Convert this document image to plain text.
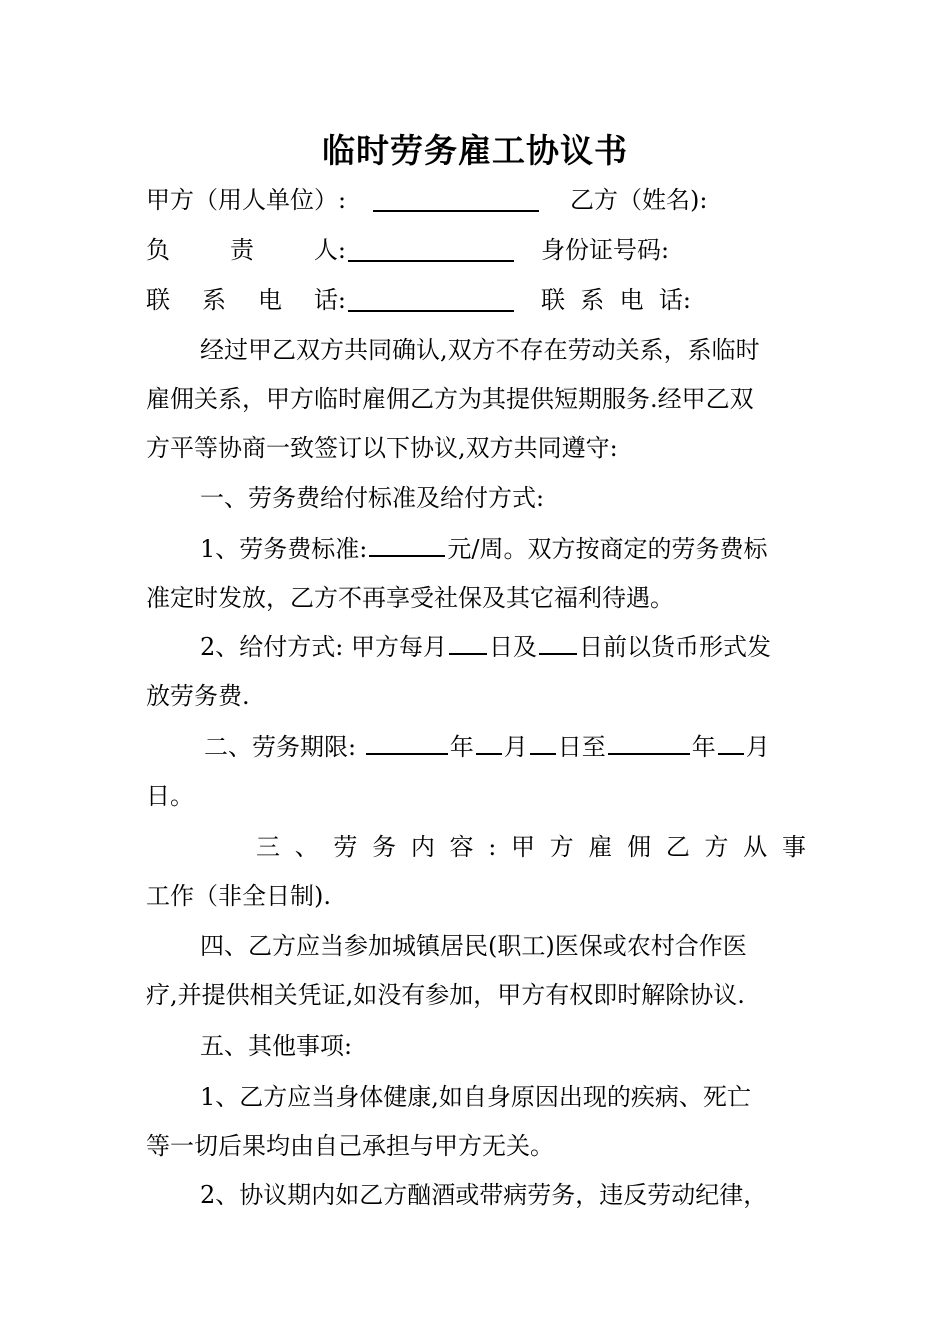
临时劳务雇工协议书
甲方（用人单位）:	乙方（姓名):
负 责 人:	身份证号码:
联 系 电 话:	联 系 电 话:
经过甲乙双方共同确认,双方不存在劳动关系，系临时
雇佣关系，甲方临时雇佣乙方为其提供短期服务.经甲乙双
方平等协商一致签订以下协议,双方共同遵守:
一、劳务费给付标准及给付方式:
1、劳务费标准:	元/周。双方按商定的劳务费标
准定时发放，乙方不再享受社保及其它福利待遇。
2、给付方式: 甲方每月 日及 日前以货币形式发
放劳务费.
二、劳务期限:	年 月 日至	年 月
日。
三 、 劳 务 内 容 : 甲 方 雇 佣 乙 方 从 事
工作（非全日制).
四、乙方应当参加城镇居民(职工)医保或农村合作医
疗,并提供相关凭证,如没有参加，甲方有权即时解除协议.
五、其他事项:
1、乙方应当身体健康,如自身原因出现的疾病、死亡
等一切后果均由自己承担与甲方无关。
2、协议期内如乙方酗酒或带病劳务，违反劳动纪律，
